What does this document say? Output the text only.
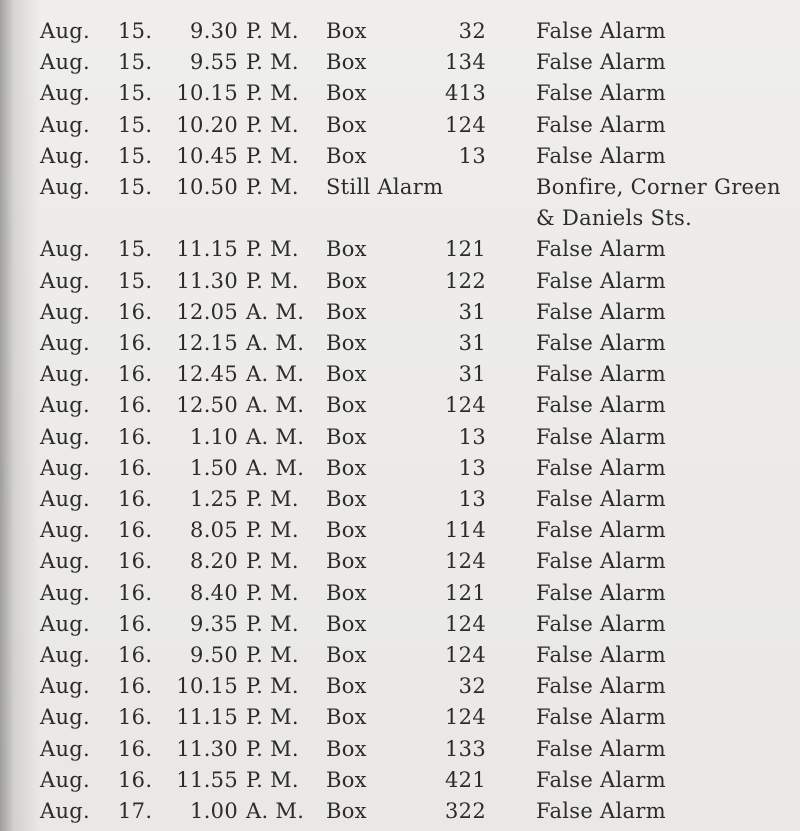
Aug.	15.	9.30	P. M.	Box	32	False Alarm
Aug.	15.	9.55	P. M.	Box	134	False Alarm
Aug.	15.	10.15	P. M.	Box	413	False Alarm
Aug.	15.	10.20	P. M.	Box	124	False Alarm
Aug.	15.	10.45	P. M.	Box	13	False Alarm
Aug.	15.	10.50	P. M.	Still Alarm		Bonfire, Corner Green
& Daniels Sts.

Aug.	15.	11.15	P. M.	Box	121	False Alarm
Aug.	15.	11.30	P. M.	Box	122	False Alarm
Aug.	16.	12.05	A. M.	Box	31	False Alarm
Aug.	16.	12.15	A. M.	Box	31	False Alarm
Aug.	16.	12.45	A. M.	Box	31	False Alarm
Aug.	16.	12.50	A. M.	Box	124	False Alarm
Aug.	16.	1.10	A. M.	Box	13	False Alarm
Aug.	16.	1.50	A. M.	Box	13	False Alarm
Aug.	16.	1.25	P. M.	Box	13	False Alarm
Aug.	16.	8.05	P. M.	Box	114	False Alarm
Aug.	16.	8.20	P. M.	Box	124	False Alarm
Aug.	16.	8.40	P. M.	Box	121	False Alarm
Aug.	16.	9.35	P. M.	Box	124	False Alarm
Aug.	16.	9.50	P. M.	Box	124	False Alarm
Aug.	16.	10.15	P. M.	Box	32	False Alarm
Aug.	16.	11.15	P. M.	Box	124	False Alarm
Aug.	16.	11.30	P. M.	Box	133	False Alarm
Aug.	16.	11.55	P. M.	Box	421	False Alarm
Aug.	17.	1.00	A. M.	Box	322	False Alarm
